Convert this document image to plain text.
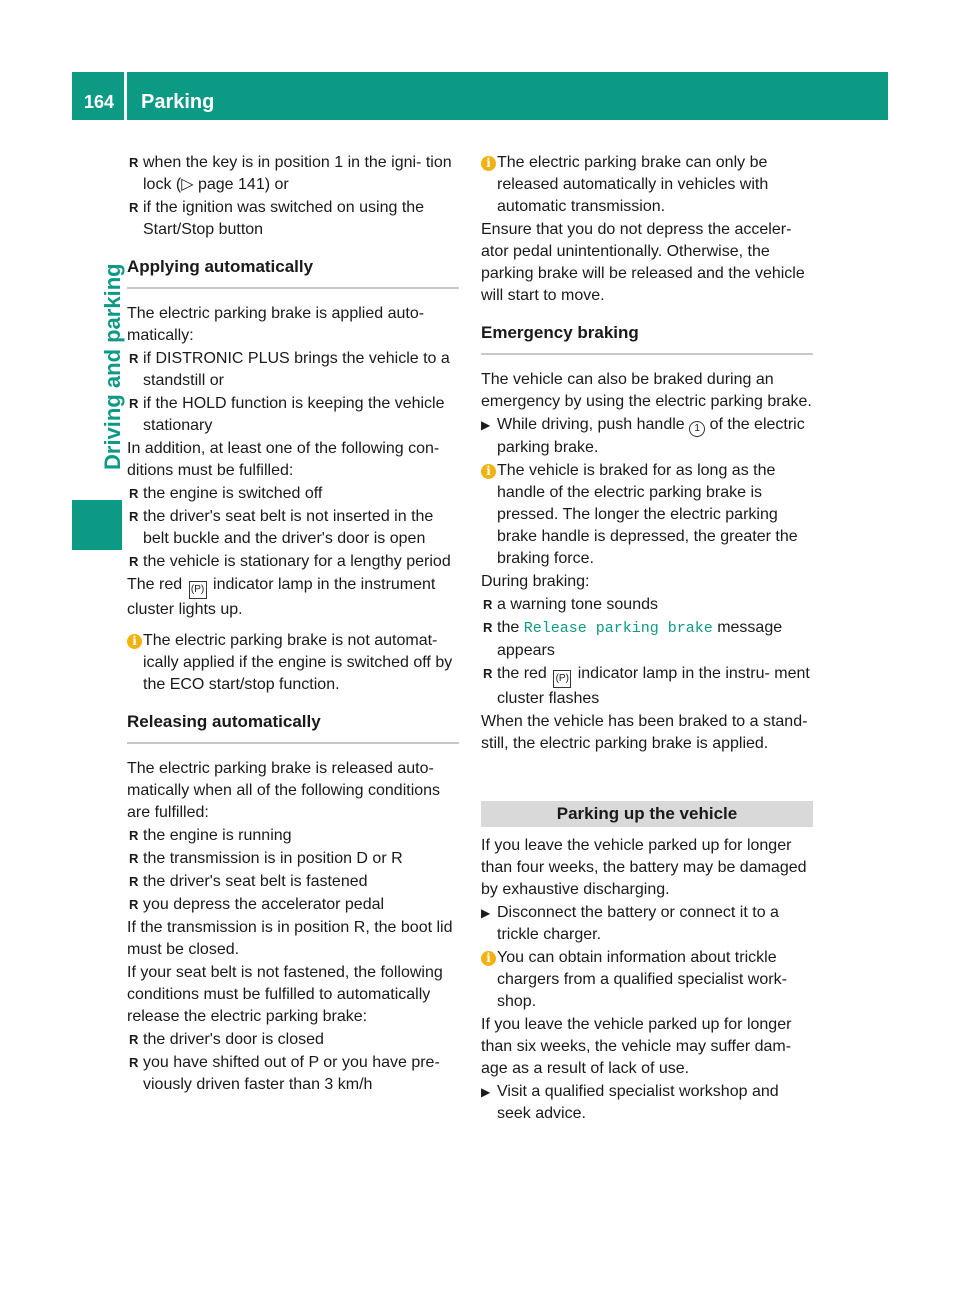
164 Parking
Driving and parking
R when the key is in position 1 in the igni- tion lock (▷ page 141) or
R if the ignition was switched on using the Start/Stop button
Applying automatically

The electric parking brake is applied auto- matically:

R if DISTRONIC PLUS brings the vehicle to a standstill or
R if the HOLD function is keeping the vehicle stationary

In addition, at least one of the following con- ditions must be fulfilled:

R the engine is switched off
R the driver's seat belt is not inserted in the belt buckle and the driver's door is open
R the vehicle is stationary for a lengthy period

The red (P) indicator lamp in the instrument cluster lights up.

i The electric parking brake is not automat- ically applied if the engine is switched off by the ECO start/stop function.
Releasing automatically

The electric parking brake is released auto- matically when all of the following conditions are fulfilled:

R the engine is running
R the transmission is in position D or R
R the driver's seat belt is fastened
R you depress the accelerator pedal

If the transmission is in position R, the boot lid must be closed.

If your seat belt is not fastened, the following conditions must be fulfilled to automatically release the electric parking brake:

R the driver's door is closed
R you have shifted out of P or you have pre- viously driven faster than 3 km/h
i The electric parking brake can only be released automatically in vehicles with automatic transmission.

Ensure that you do not depress the acceler- ator pedal unintentionally. Otherwise, the parking brake will be released and the vehicle will start to move.

Emergency braking

The vehicle can also be braked during an emergency by using the electric parking brake.

▶ While driving, push handle 1 of the electric parking brake.
i The vehicle is braked for as long as the handle of the electric parking brake is pressed. The longer the electric parking brake handle is depressed, the greater the braking force.

During braking:

R a warning tone sounds
R the Release parking brake message appears
R the red (P) indicator lamp in the instru- ment cluster flashes

When the vehicle has been braked to a stand- still, the electric parking brake is applied.

Parking up the vehicle

If you leave the vehicle parked up for longer than four weeks, the battery may be damaged by exhaustive discharging.

▶ Disconnect the battery or connect it to a trickle charger.
i You can obtain information about trickle chargers from a qualified specialist work- shop.

If you leave the vehicle parked up for longer than six weeks, the vehicle may suffer dam- age as a result of lack of use.

▶ Visit a qualified specialist workshop and seek advice.
